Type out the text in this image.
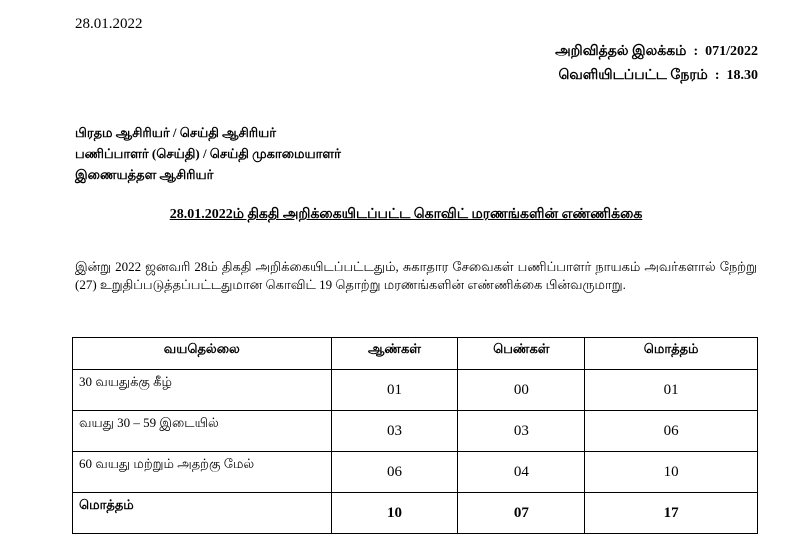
28.01.2022
அறிவித்தல் இலக்கம் : 071/2022
வெளியிடப்பட்ட நேரம் : 18.30
பிரதம ஆசிரியர் / செய்தி ஆசிரியர்
பணிப்பாளர் (செய்தி) / செய்தி முகாமையாளர்
இணையத்தள ஆசிரியர்
28.01.2022ம் திகதி அறிக்கையிடப்பட்ட கொவிட் மரணங்களின் எண்ணிக்கை
இன்று 2022 ஜனவரி 28ம் திகதி அறிக்கையிடப்பட்டதும், சுகாதார சேவைகள் பணிப்பாளர் நாயகம் அவர்களால் நேற்று (27) உறுதிப்படுத்தப்பட்டதுமான கொவிட் 19 தொற்று மரணங்களின் எண்ணிக்கை பின்வருமாறு.
வயதெல்லை	ஆண்கள்	பெண்கள்	மொத்தம்
30 வயதுக்கு கீழ்	01	00	01
வயது 30 – 59 இடையில்	03	03	06
60 வயது மற்றும் அதற்கு மேல்	06	04	10
மொத்தம்	10	07	17
